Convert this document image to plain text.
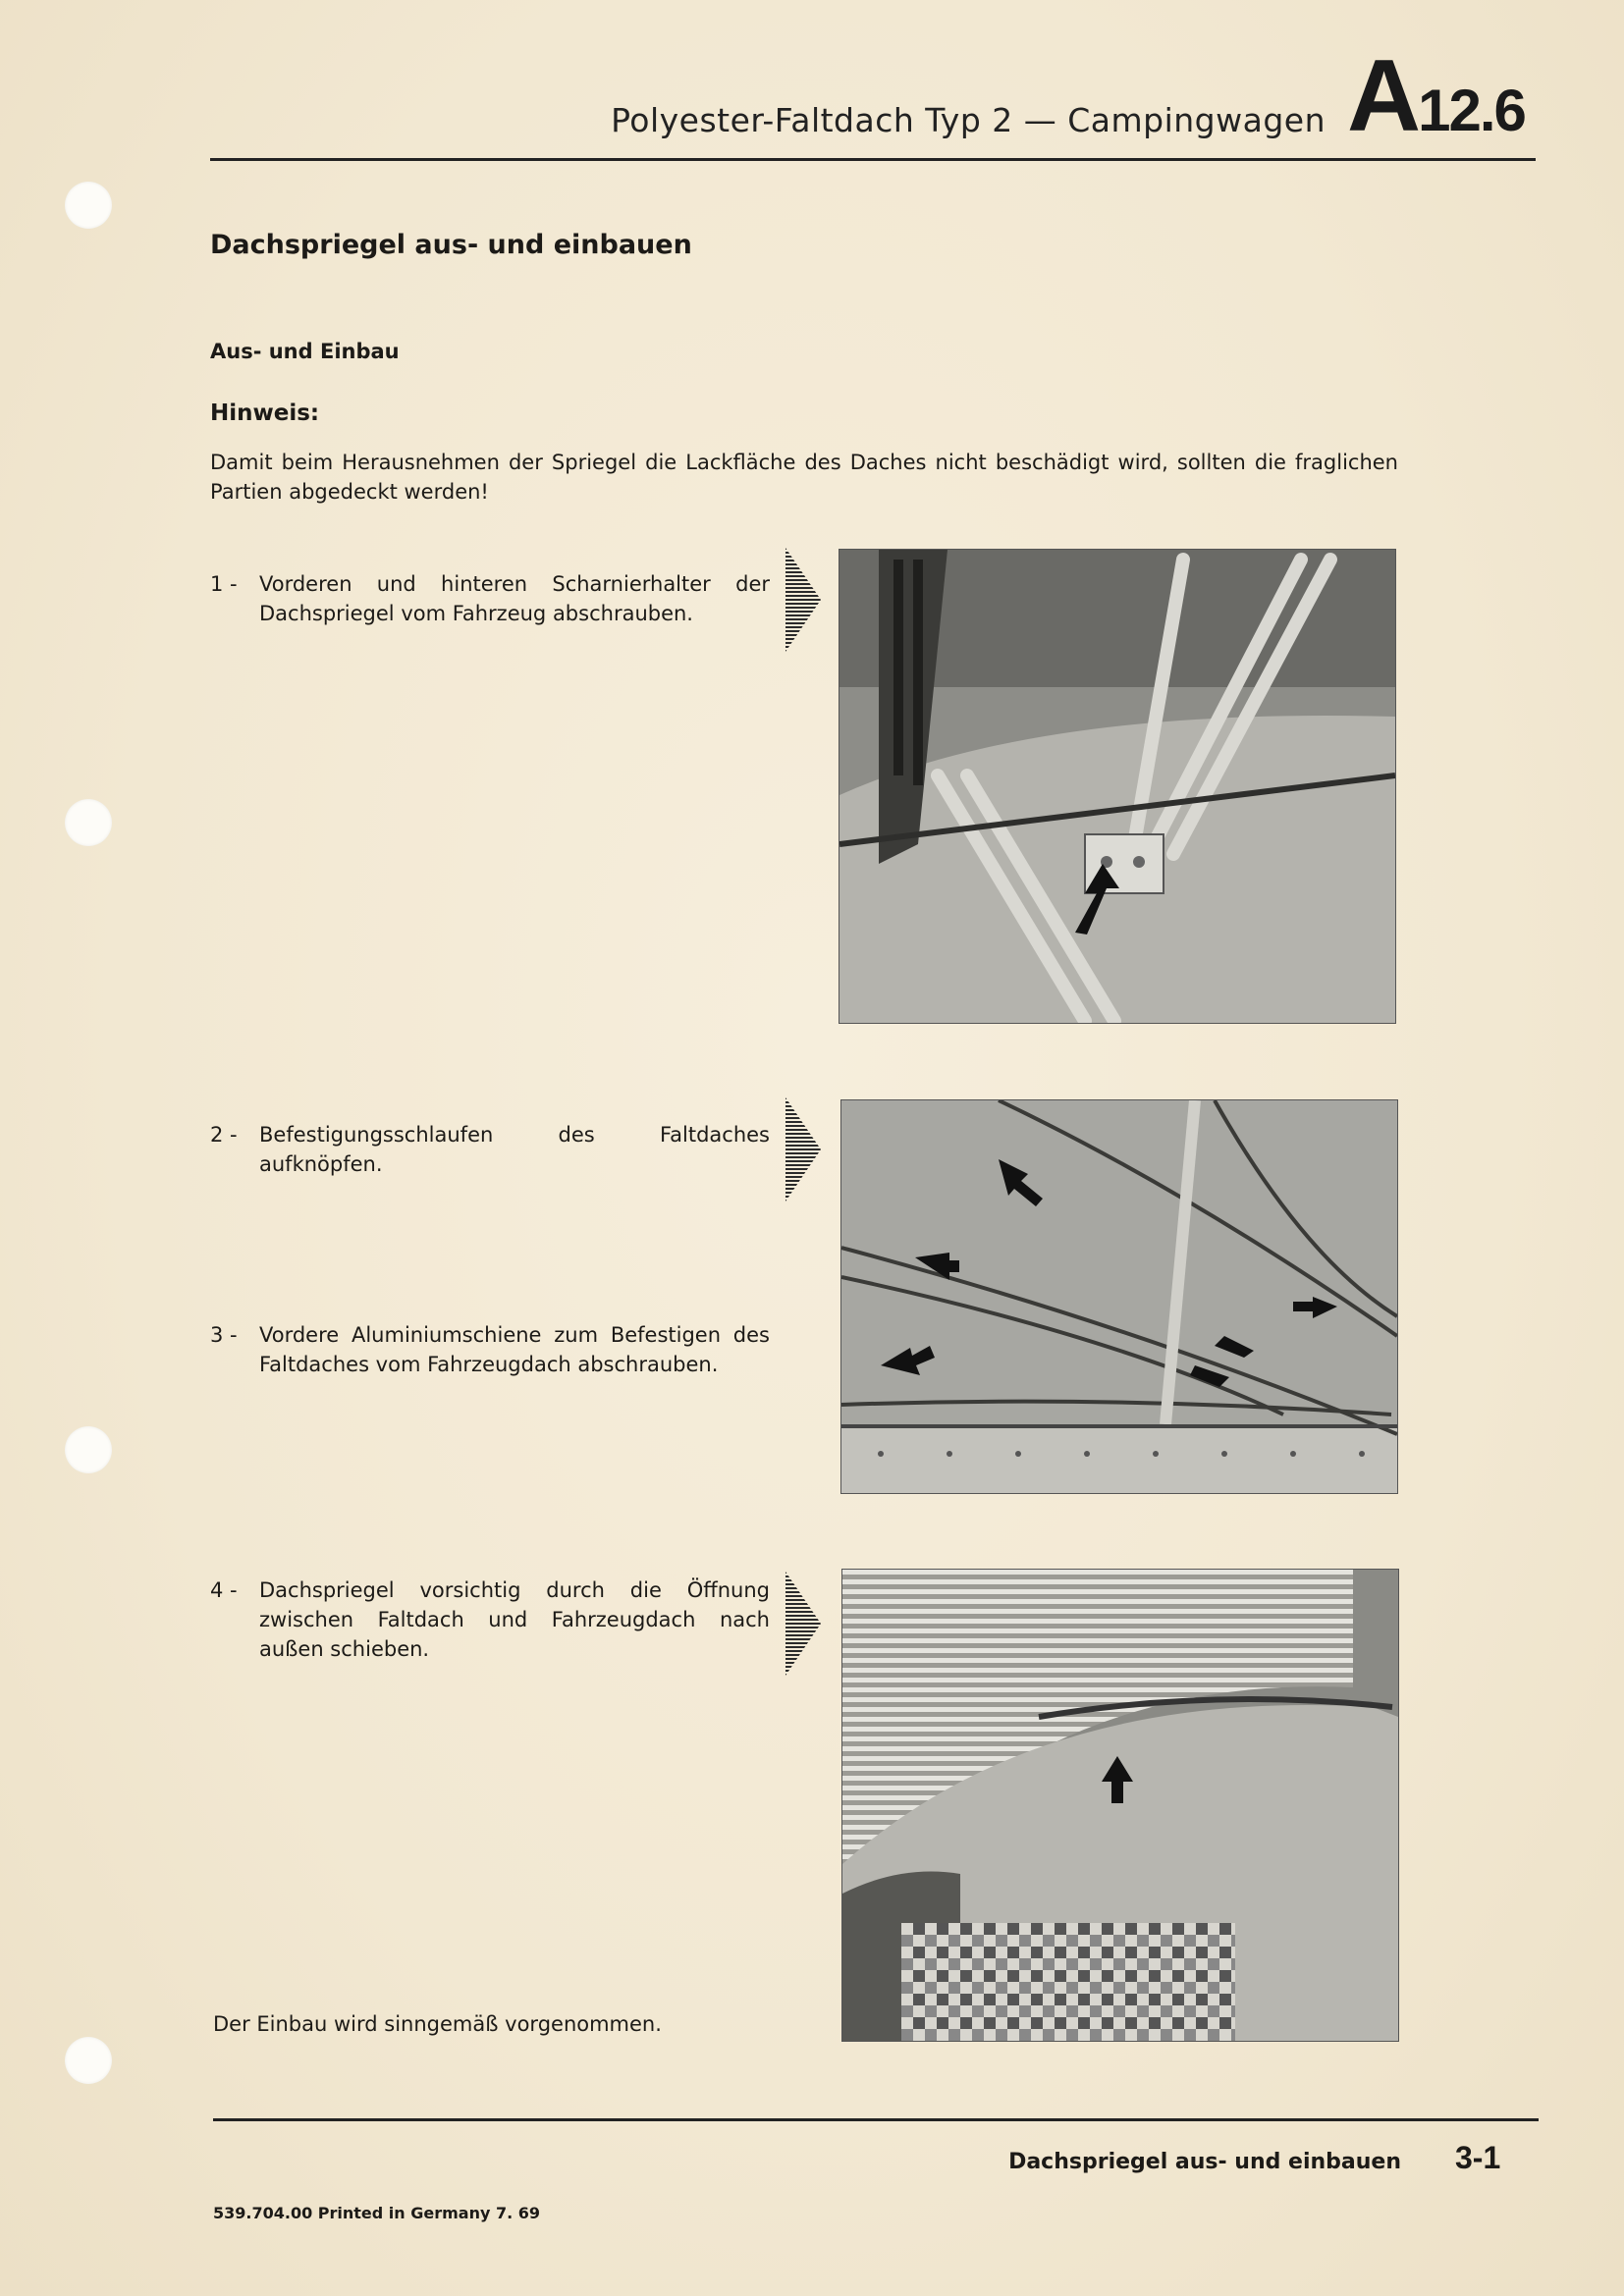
Polyester-Faltdach Typ 2 — Campingwagen A12.6
Dachspriegel aus- und einbauen
Aus- und Einbau
Hinweis:
Damit beim Herausnehmen der Spriegel die Lackfläche des Daches nicht beschädigt wird, sollten die fraglichen Partien abgedeckt werden!
1 -	Vorderen und hinteren Scharnierhalter der Dachspriegel vom Fahrzeug abschrauben.
2 -	Befestigungsschlaufen des Faltdaches aufknöpfen.
3 -	Vordere Aluminiumschiene zum Befestigen des Faltdaches vom Fahrzeugdach abschrauben.
4 -	Dachspriegel vorsichtig durch die Öffnung zwischen Faltdach und Fahrzeugdach nach außen schieben.
Der Einbau wird sinngemäß vorgenommen.
Dachspriegel aus- und einbauen 3-1
539.704.00 Printed in Germany 7. 69
